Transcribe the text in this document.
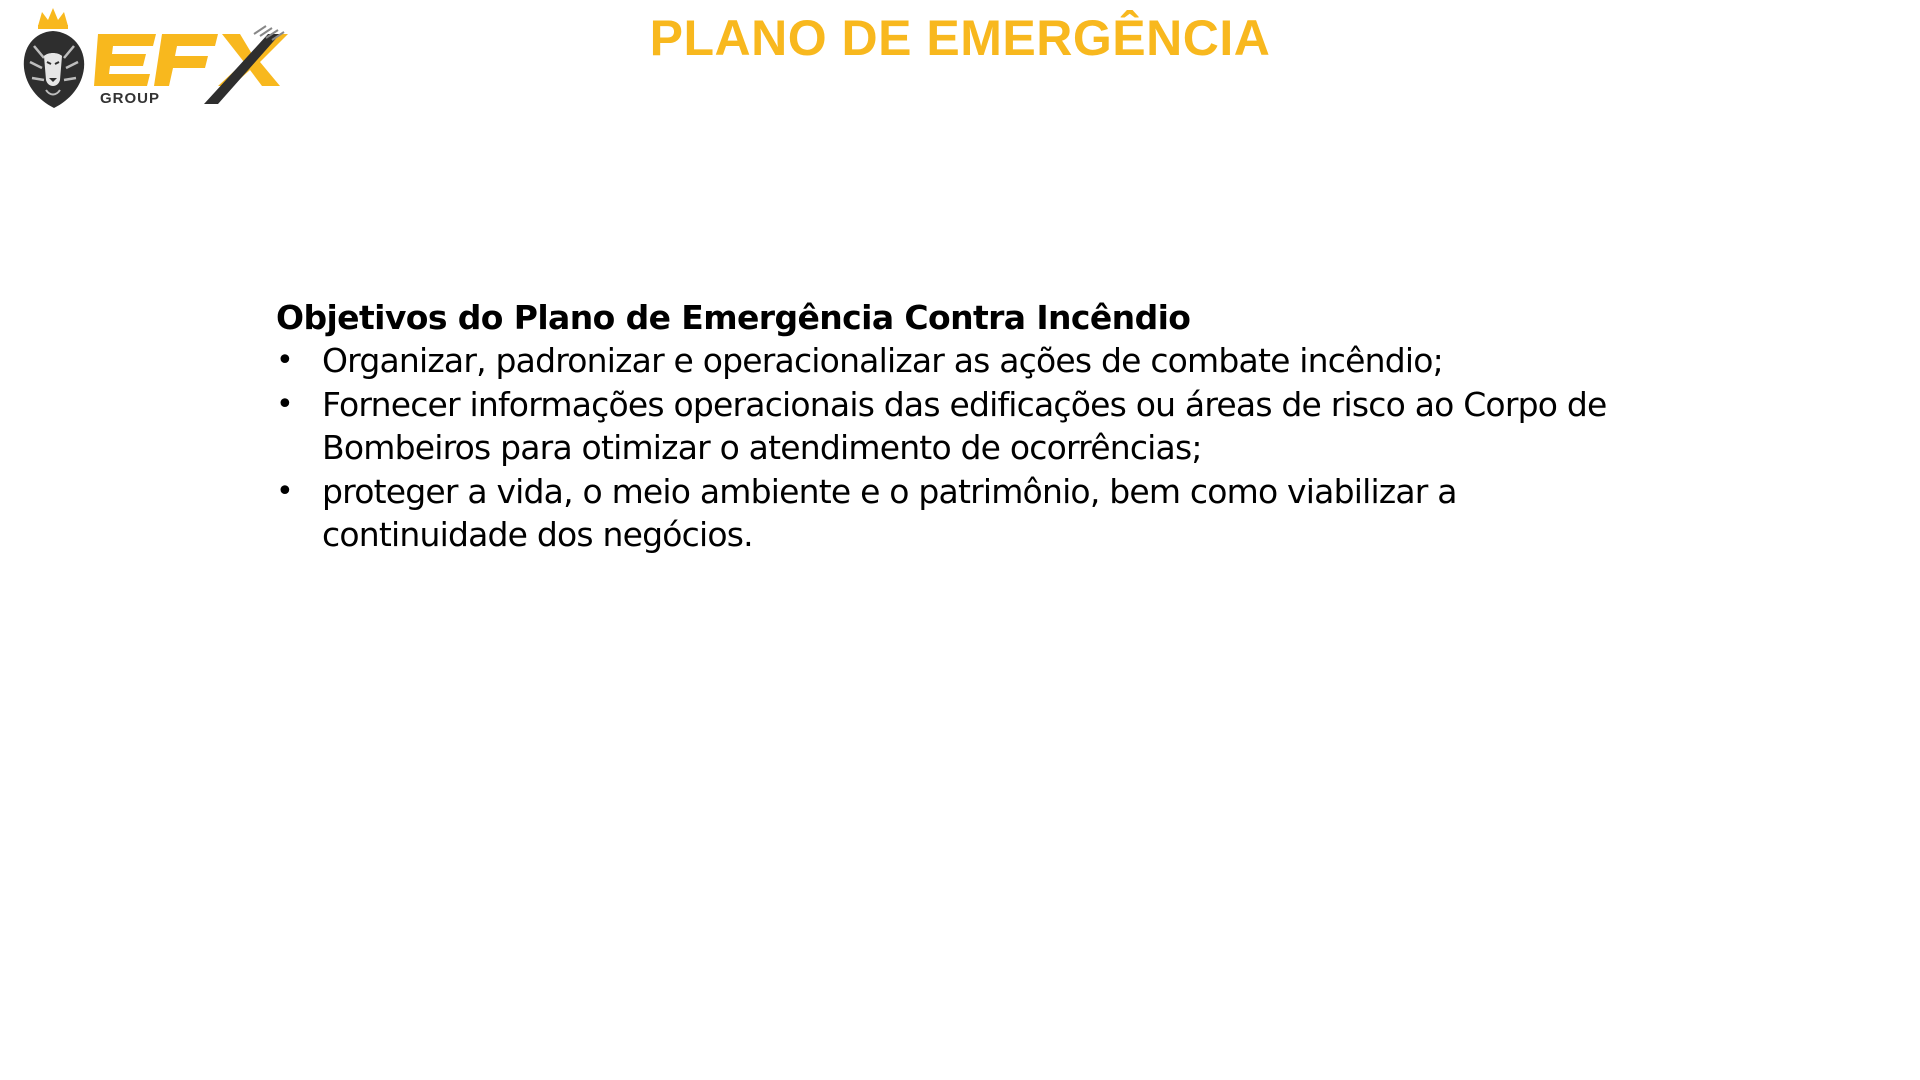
GROUP
PLANO DE EMERGÊNCIA

Objetivos do Plano de Emergência Contra Incêndio

• Organizar, padronizar e operacionalizar as ações de combate incêndio;
• Fornecer informações operacionais das edificações ou áreas de risco ao Corpo de Bombeiros para otimizar o atendimento de ocorrências;
• proteger a vida, o meio ambiente e o patrimônio, bem como viabilizar a continuidade dos negócios.
